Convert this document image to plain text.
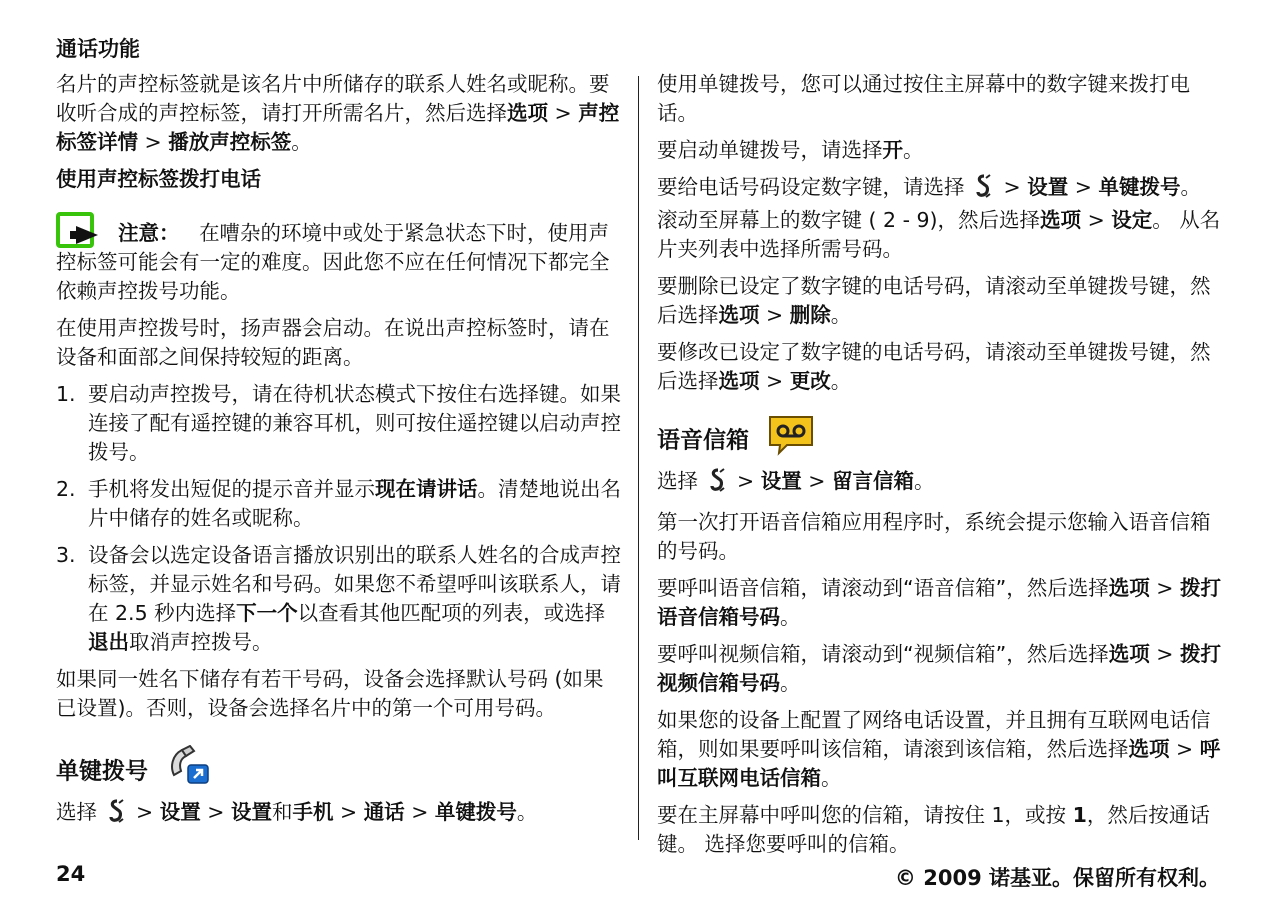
通话功能

名片的声控标签就是该名片中所储存的联系人姓名或昵称。要收听合成的声控标签，请打开所需名片，然后选择选项 > 声控标签详情 > 播放声控标签。

使用声控标签拨打电话

注意： 在嘈杂的环境中或处于紧急状态下时，使用声控标签可能会有一定的难度。因此您不应在任何情况下都完全依赖声控拨号功能。

在使用声控拨号时，扬声器会启动。在说出声控标签时，请在设备和面部之间保持较短的距离。

1. 要启动声控拨号，请在待机状态模式下按住右选择键。如果连接了配有遥控键的兼容耳机，则可按住遥控键以启动声控拨号。
2. 手机将发出短促的提示音并显示现在请讲话。清楚地说出名片中储存的姓名或昵称。
3. 设备会以选定设备语言播放识别出的联系人姓名的合成声控标签，并显示姓名和号码。如果您不希望呼叫该联系人，请在 2.5 秒内选择下一个以查看其他匹配项的列表，或选择退出取消声控拨号。

如果同一姓名下储存有若干号码，设备会选择默认号码 (如果已设置)。否则，设备会选择名片中的第一个可用号码。

单键拨号

选择  > 设置 > 设置和手机 > 通话 > 单键拨号。

使用单键拨号，您可以通过按住主屏幕中的数字键来拨打电话。

要启动单键拨号，请选择开。

要给电话号码设定数字键，请选择  > 设置 > 单键拨号。 滚动至屏幕上的数字键 ( 2 - 9)，然后选择选项 > 设定。 从名片夹列表中选择所需号码。

要删除已设定了数字键的电话号码，请滚动至单键拨号键，然后选择选项 > 删除。

要修改已设定了数字键的电话号码，请滚动至单键拨号键，然后选择选项 > 更改。

语音信箱

选择  > 设置 > 留言信箱。

第一次打开语音信箱应用程序时，系统会提示您输入语音信箱的号码。

要呼叫语音信箱，请滚动到“语音信箱”，然后选择选项 > 拨打语音信箱号码。

要呼叫视频信箱，请滚动到“视频信箱”，然后选择选项 > 拨打视频信箱号码。

如果您的设备上配置了网络电话设置，并且拥有互联网电话信箱，则如果要呼叫该信箱，请滚到该信箱，然后选择选项 > 呼叫互联网电话信箱。

要在主屏幕中呼叫您的信箱，请按住 1，或按 1，然后按通话键。 选择您要呼叫的信箱。

24	© 2009 诺基亚。保留所有权利。
